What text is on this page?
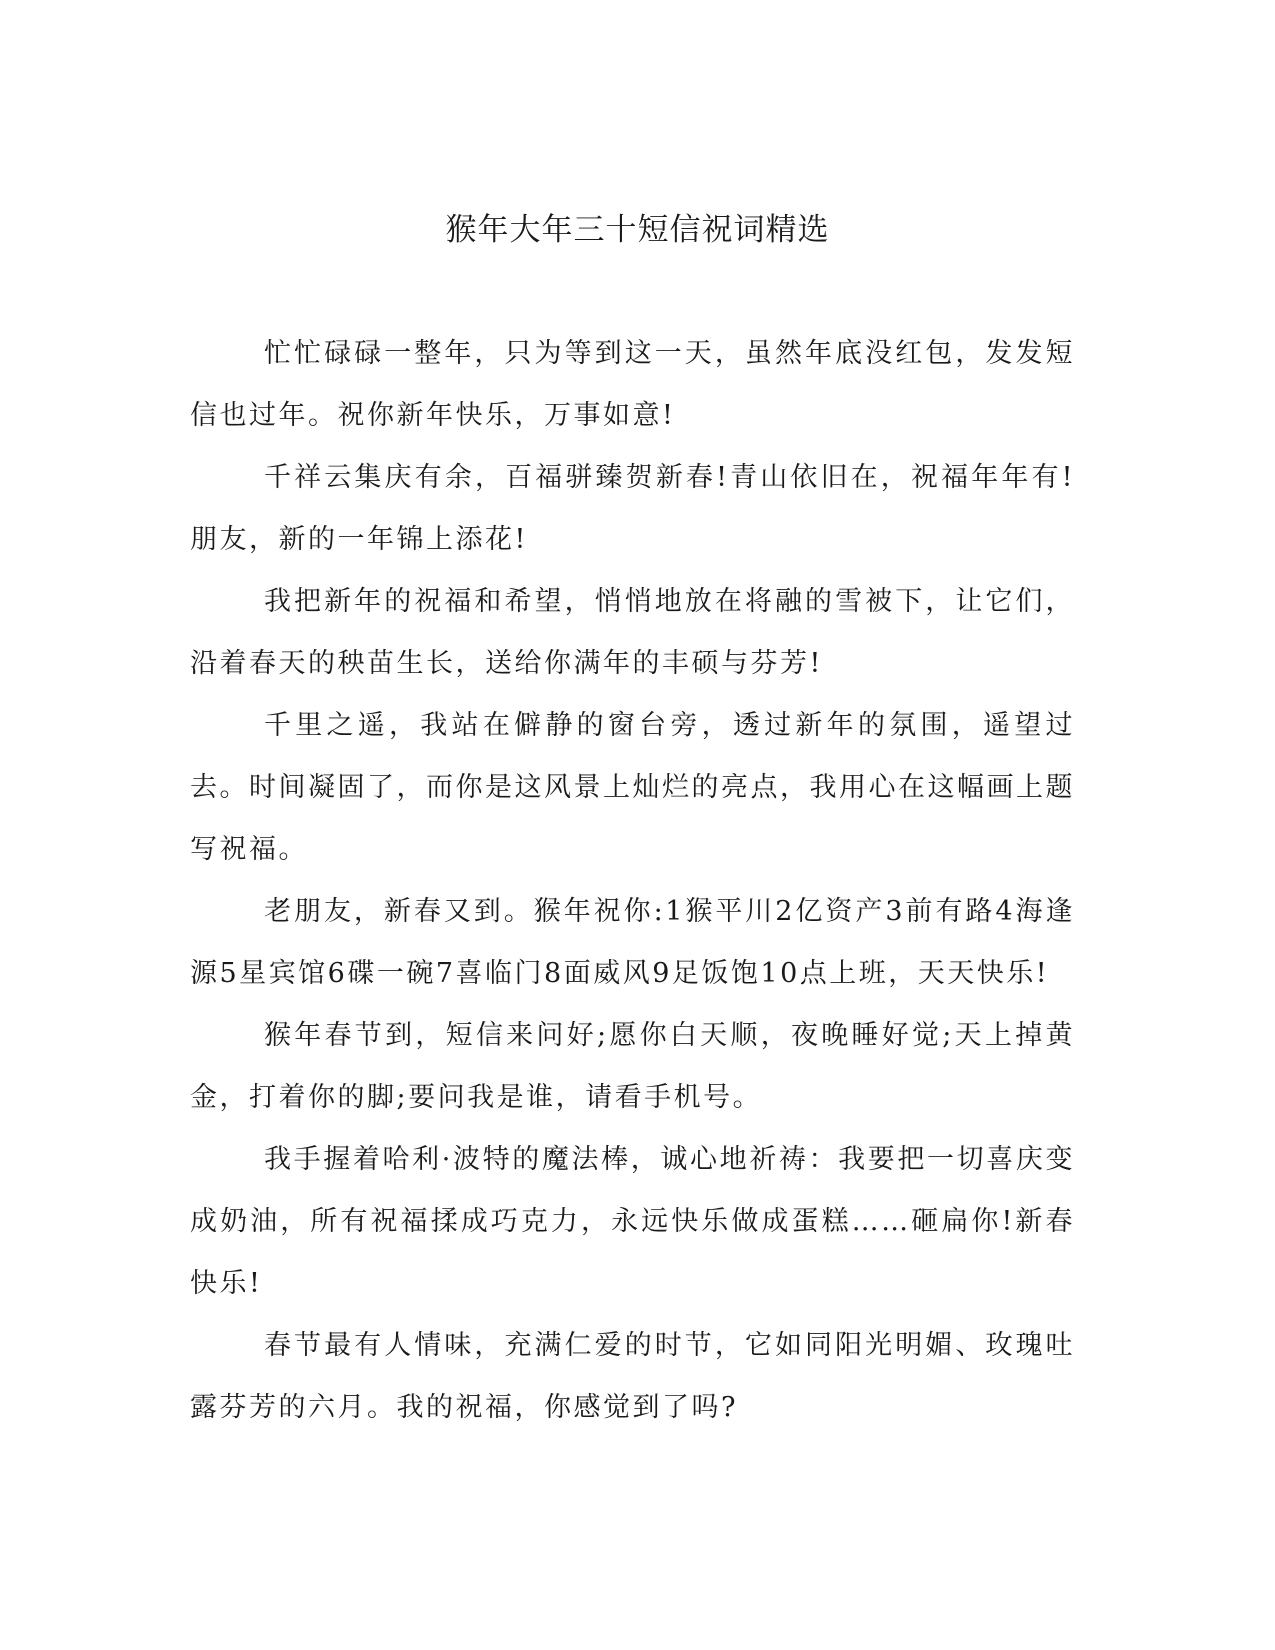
猴年大年三十短信祝词精选

忙忙碌碌一整年，只为等到这一天，虽然年底没红包，发发短信也过年。祝你新年快乐，万事如意!

千祥云集庆有余，百福骈臻贺新春!青山依旧在，祝福年年有!朋友，新的一年锦上添花!

我把新年的祝福和希望，悄悄地放在将融的雪被下，让它们，沿着春天的秧苗生长，送给你满年的丰硕与芬芳!

千里之遥，我站在僻静的窗台旁，透过新年的氛围，遥望过去。时间凝固了，而你是这风景上灿烂的亮点，我用心在这幅画上题写祝福。

老朋友，新春又到。猴年祝你:1猴平川2亿资产3前有路4海逢源5星宾馆6碟一碗7喜临门8面威风9足饭饱10点上班，天天快乐!

猴年春节到，短信来问好;愿你白天顺，夜晚睡好觉;天上掉黄金，打着你的脚;要问我是谁，请看手机号。

我手握着哈利·波特的魔法棒，诚心地祈祷：我要把一切喜庆变成奶油，所有祝福揉成巧克力，永远快乐做成蛋糕……砸扁你!新春快乐!

春节最有人情味，充满仁爱的时节，它如同阳光明媚、玫瑰吐露芬芳的六月。我的祝福，你感觉到了吗?
